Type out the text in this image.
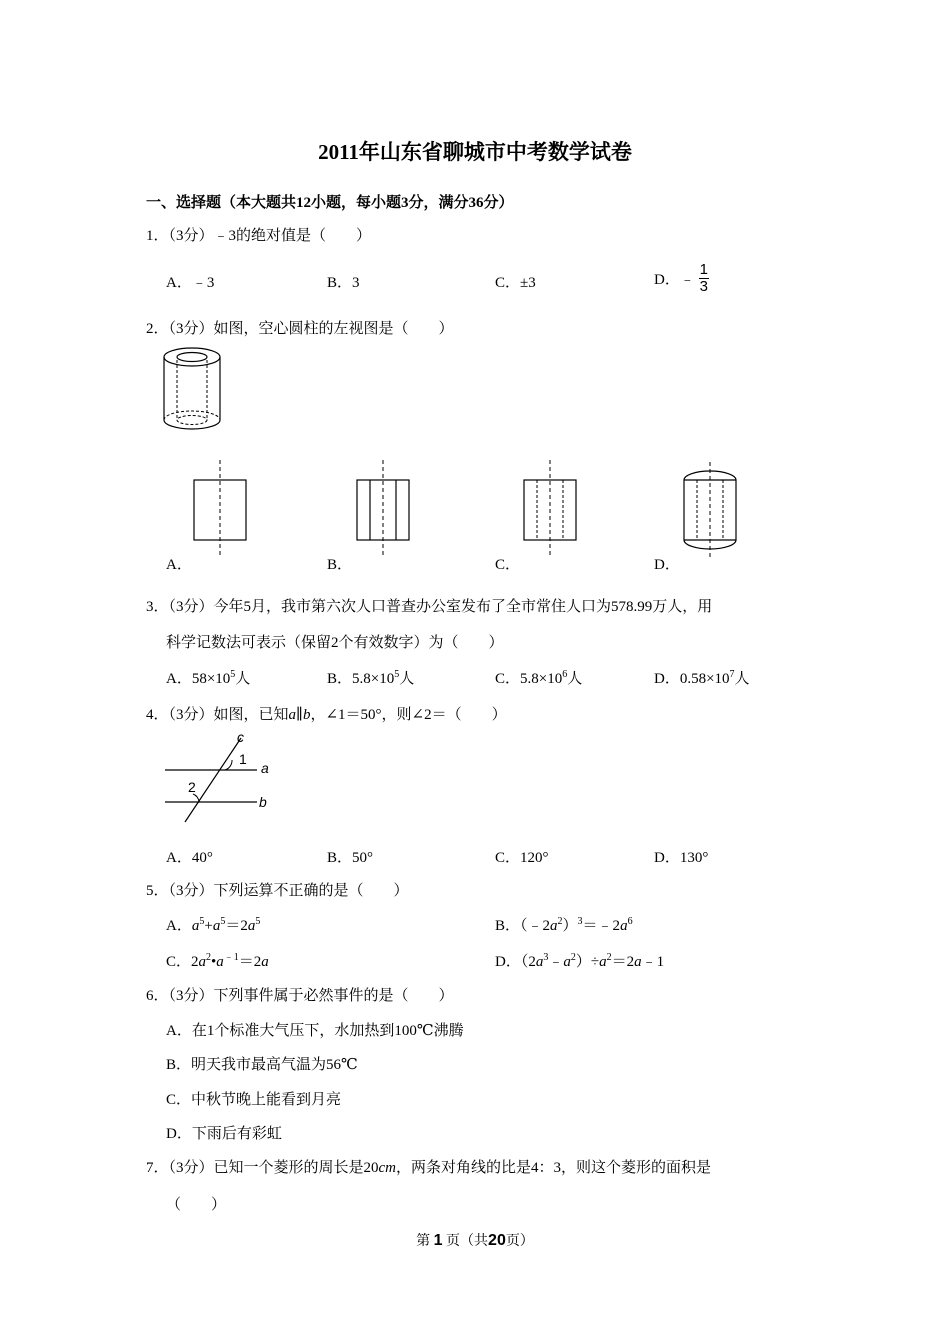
2011年山东省聊城市中考数学试卷
一、选择题（本大题共12小题，每小题3分，满分36分）
1．（3分）﹣3的绝对值是（　　）
A．﹣3	B．3	C．±3	D．﹣ $\frac{1}{3}$
2．（3分）如图，空心圆柱的左视图是（　　）
A．	B．	C．	D．
3．（3分）今年5月，我市第六次人口普查办公室发布了全市常住人口为578.99万人，用
科学记数法可表示（保留2个有效数字）为（　　）
A．$58\times 10^5$人	B．$5.8\times 10^5$人	C．$5.8\times 10^6$人	D．$0.58\times 10^7$人
4．（3分）如图，已知a∥b，∠1＝50°，则∠2＝（　　）
c
1
a
2
b
A．40°	B．50°	C．120°	D．130°
5．（3分）下列运算不正确的是（　　）
A．$a^5+a^5=2a^5$	B．$(﹣2a^2)^3=﹣2a^6$
C．$2a^2•a^{﹣1}=2a$	D．$(2a^3﹣a^2)\div a^2=2a﹣1$
6．（3分）下列事件属于必然事件的是（　　）
A．在1个标准大气压下，水加热到100℃沸腾
B．明天我市最高气温为56℃
C．中秋节晚上能看到月亮
D．下雨后有彩虹
7．（3分）已知一个菱形的周长是20cm，两条对角线的比是4：3，则这个菱形的面积是
（　　）
第 1 页（共20页）
